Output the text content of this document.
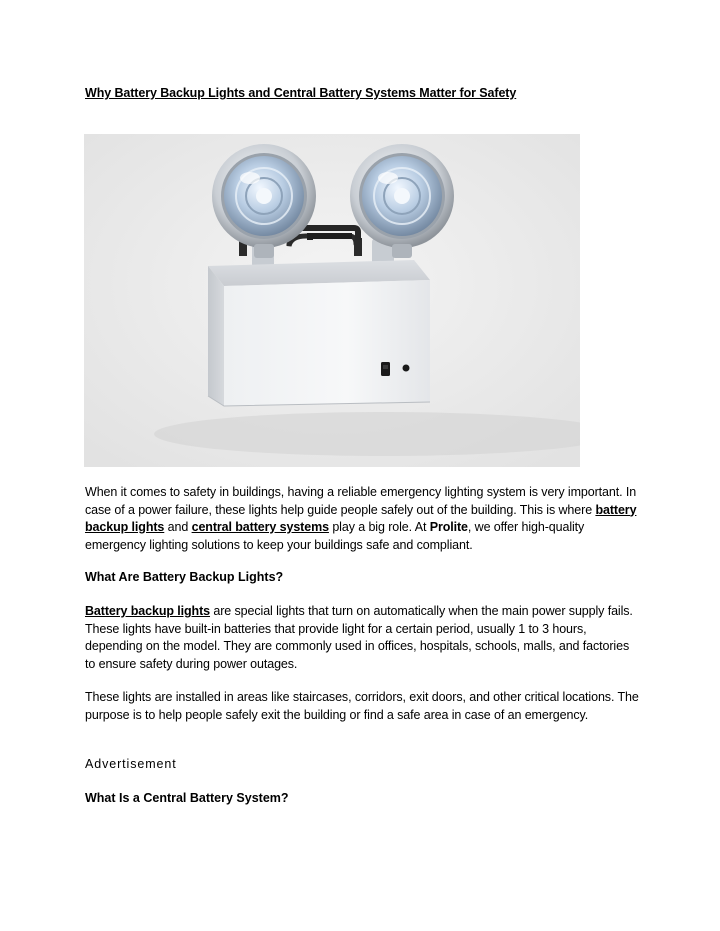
Why Battery Backup Lights and Central Battery Systems Matter for Safety

When it comes to safety in buildings, having a reliable emergency lighting system is very important. In case of a power failure, these lights help guide people safely out of the building. This is where battery backup lights and central battery systems play a big role. At Prolite, we offer high-quality emergency lighting solutions to keep your buildings safe and compliant.

What Are Battery Backup Lights?

Battery backup lights are special lights that turn on automatically when the main power supply fails. These lights have built-in batteries that provide light for a certain period, usually 1 to 3 hours, depending on the model. They are commonly used in offices, hospitals, schools, malls, and factories to ensure safety during power outages.

These lights are installed in areas like staircases, corridors, exit doors, and other critical locations. The purpose is to help people safely exit the building or find a safe area in case of an emergency.

Advertisement

What Is a Central Battery System?
